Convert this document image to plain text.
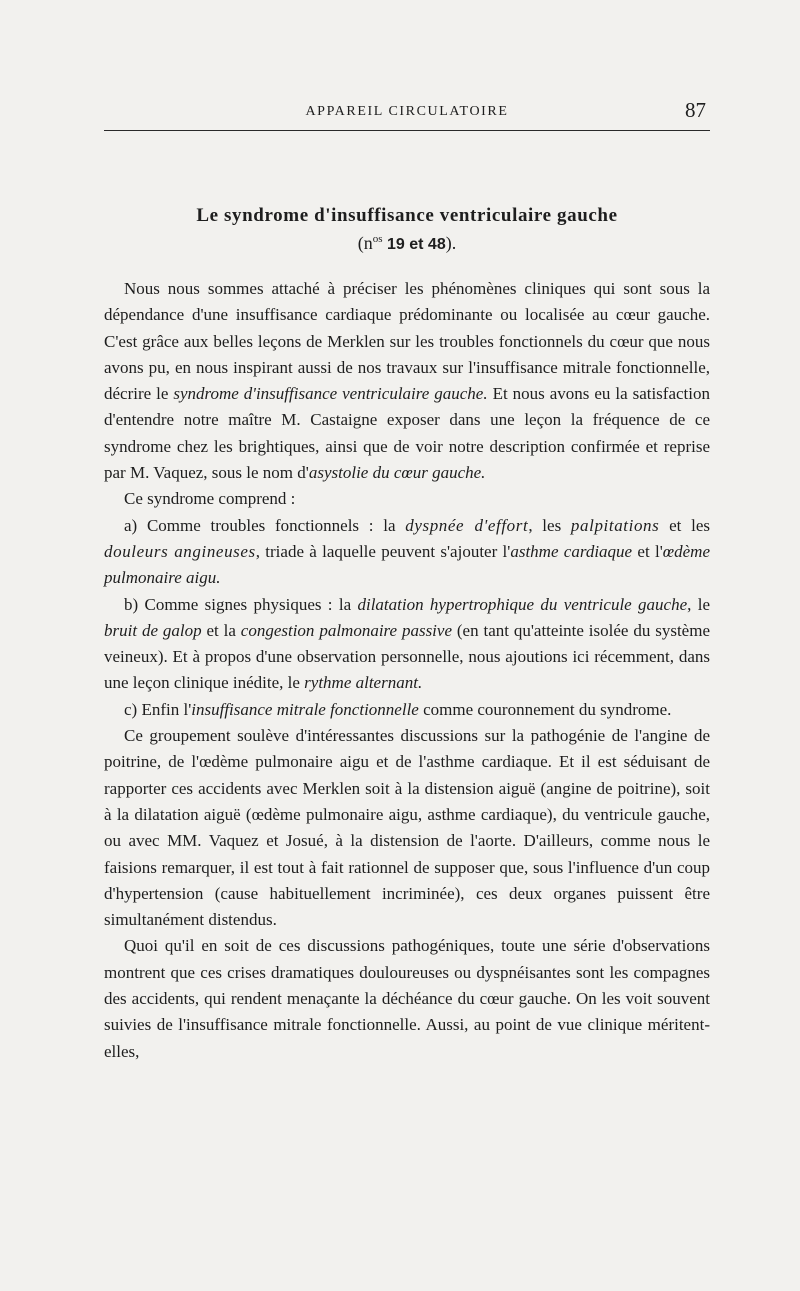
APPAREIL CIRCULATOIRE	87
Le syndrome d'insuffisance ventriculaire gauche
($n^{os}$ 19 et 48).

Nous nous sommes attaché à préciser les phénomènes cliniques qui sont sous la dépendance d'une insuffisance cardiaque prédominante ou localisée au cœur gauche. C'est grâce aux belles leçons de Merklen sur les troubles fonctionnels du cœur que nous avons pu, en nous inspirant aussi de nos travaux sur l'insuffisance mitrale fonctionnelle, décrire le syndrome d'insuffisance ventriculaire gauche. Et nous avons eu la satisfaction d'entendre notre maître M. Castaigne exposer dans une leçon la fréquence de ce syndrome chez les brightiques, ainsi que de voir notre description confirmée et reprise par M. Vaquez, sous le nom d'asystolie du cœur gauche.

Ce syndrome comprend :

a) Comme troubles fonctionnels : la dyspnée d'effort, les palpitations et les douleurs angineuses, triade à laquelle peuvent s'ajouter l'asthme cardiaque et l'œdème pulmonaire aigu.

b) Comme signes physiques : la dilatation hypertrophique du ventricule gauche, le bruit de galop et la congestion palmonaire passive (en tant qu'atteinte isolée du système veineux). Et à propos d'une observation personnelle, nous ajoutions ici récemment, dans une leçon clinique inédite, le rythme alternant.

c) Enfin l'insuffisance mitrale fonctionnelle comme couronnement du syndrome.

Ce groupement soulève d'intéressantes discussions sur la pathogénie de l'angine de poitrine, de l'œdème pulmonaire aigu et de l'asthme cardiaque. Et il est séduisant de rapporter ces accidents avec Merklen soit à la distension aiguë (angine de poitrine), soit à la dilatation aiguë (œdème pulmonaire aigu, asthme cardiaque), du ventricule gauche, ou avec MM. Vaquez et Josué, à la distension de l'aorte. D'ailleurs, comme nous le faisions remarquer, il est tout à fait rationnel de supposer que, sous l'influence d'un coup d'hypertension (cause habituellement incriminée), ces deux organes puissent être simultanément distendus.

Quoi qu'il en soit de ces discussions pathogéniques, toute une série d'observations montrent que ces crises dramatiques douloureuses ou dyspnéisantes sont les compagnes des accidents, qui rendent menaçante la déchéance du cœur gauche. On les voit souvent suivies de l'insuffisance mitrale fonctionnelle. Aussi, au point de vue clinique méritent-elles,
